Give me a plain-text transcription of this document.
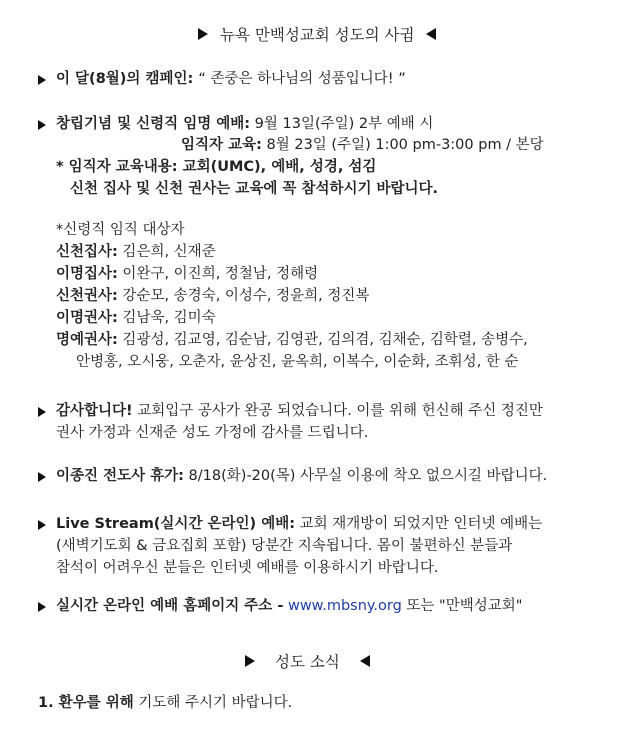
뉴욕 만백성교회 성도의 사귐
이 달(8월)의 캠페인: “ 존중은 하나님의 성품입니다! ”
창립기념 및 신령직 임명 예배: 9월 13일(주일) 2부 예배 시
임직자 교육: 8월 23일 (주일) 1:00 pm-3:00 pm / 본당
* 임직자 교육내용: 교회(UMC), 예배, 성경, 섬김
신천 집사 및 신천 권사는 교육에 꼭 참석하시기 바랍니다.
*신령직 임직 대상자
신천집사: 김은희, 신재준
이명집사: 이완구, 이진희, 정철남, 정해령
신천권사: 강순모, 송경숙, 이성수, 정윤희, 정진복
이명권사: 김남욱, 김미숙
명예권사: 김광성, 김교영, 김순남, 김영관, 김의겸, 김채순, 김학렬, 송병수,
안병홍, 오시웅, 오춘자, 윤상진, 윤옥희, 이복수, 이순화, 조휘성, 한 순
감사합니다! 교회입구 공사가 완공 되었습니다. 이를 위해 헌신해 주신 정진만
권사 가정과 신재준 성도 가정에 감사를 드립니다.
이종진 전도사 휴가: 8/18(화)-20(목) 사무실 이용에 착오 없으시길 바랍니다.
Live Stream(실시간 온라인) 예배: 교회 재개방이 되었지만 인터넷 예배는
(새벽기도회 & 금요집회 포함) 당분간 지속됩니다. 몸이 불편하신 분들과
참석이 어려우신 분들은 인터넷 예배를 이용하시기 바랍니다.
실시간 온라인 예배 홈페이지 주소 - www.mbsny.org 또는 "만백성교회"
성도 소식
1. 환우를 위해 기도해 주시기 바랍니다.
